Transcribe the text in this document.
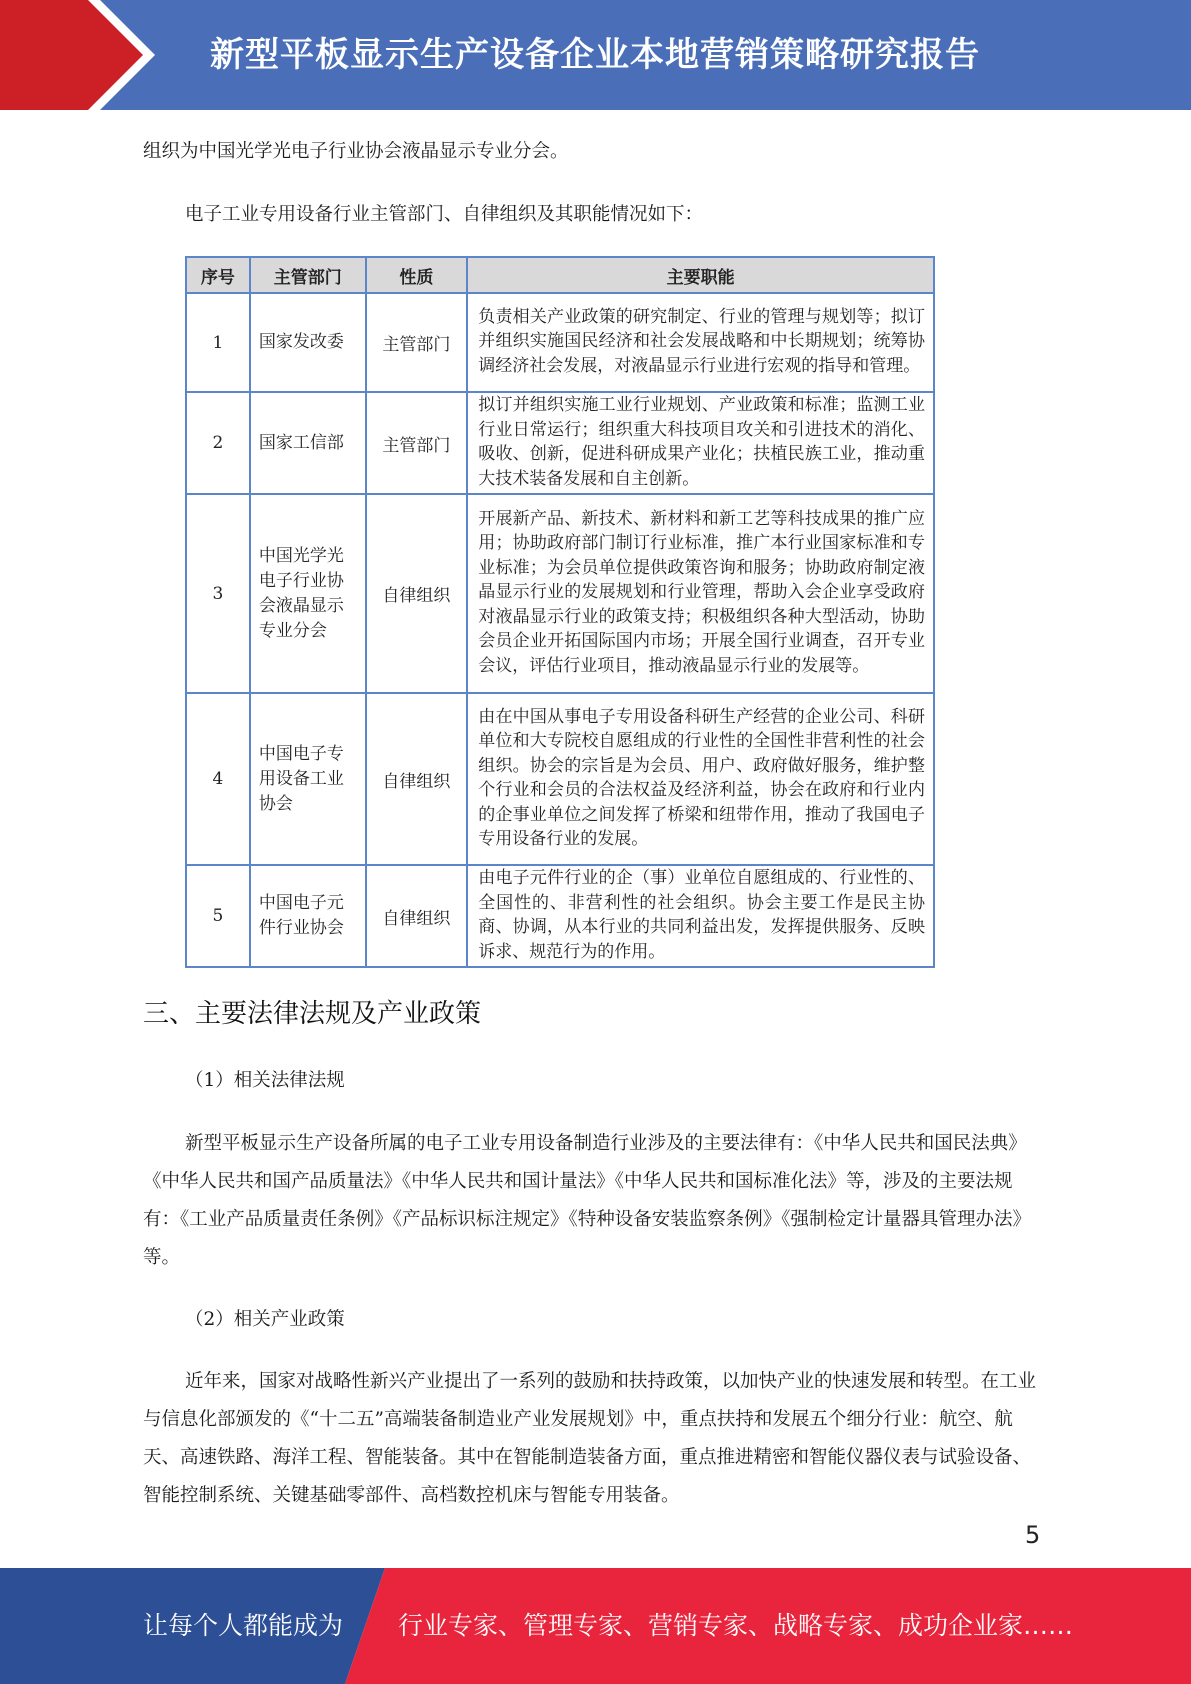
新型平板显示生产设备企业本地营销策略研究报告

组织为中国光学光电子行业协会液晶显示专业分会。

电子工业专用设备行业主管部门、自律组织及其职能情况如下：

序号	主管部门	性质	主要职能
1	国家发改委	主管部门	负责相关产业政策的研究制定、行业的管理与规划等；拟订并组织实施国民经济和社会发展战略和中长期规划；统筹协调经济社会发展，对液晶显示行业进行宏观的指导和管理。
2	国家工信部	主管部门	拟订并组织实施工业行业规划、产业政策和标准；监测工业行业日常运行；组织重大科技项目攻关和引进技术的消化、吸收、创新，促进科研成果产业化；扶植民族工业，推动重大技术装备发展和自主创新。
3	中国光学光电子行业协会液晶显示专业分会	自律组织	开展新产品、新技术、新材料和新工艺等科技成果的推广应用；协助政府部门制订行业标准，推广本行业国家标准和专业标准；为会员单位提供政策咨询和服务；协助政府制定液晶显示行业的发展规划和行业管理，帮助入会企业享受政府对液晶显示行业的政策支持；积极组织各种大型活动，协助会员企业开拓国际国内市场；开展全国行业调查，召开专业会议，评估行业项目，推动液晶显示行业的发展等。
4	中国电子专用设备工业协会	自律组织	由在中国从事电子专用设备科研生产经营的企业公司、科研单位和大专院校自愿组成的行业性的全国性非营利性的社会组织。协会的宗旨是为会员、用户、政府做好服务，维护整个行业和会员的合法权益及经济利益，协会在政府和行业内的企事业单位之间发挥了桥梁和纽带作用，推动了我国电子专用设备行业的发展。
5	中国电子元件行业协会	自律组织	由电子元件行业的企（事）业单位自愿组成的、行业性的、全国性的、非营利性的社会组织。协会主要工作是民主协商、协调，从本行业的共同利益出发，发挥提供服务、反映诉求、规范行为的作用。
三、主要法律法规及产业政策
（1）相关法律法规

新型平板显示生产设备所属的电子工业专用设备制造行业涉及的主要法律有：《中华人民共和国民法典》《中华人民共和国产品质量法》《中华人民共和国计量法》《中华人民共和国标准化法》等，涉及的主要法规有：《工业产品质量责任条例》《产品标识标注规定》《特种设备安装监察条例》《强制检定计量器具管理办法》等。

（2）相关产业政策

近年来，国家对战略性新兴产业提出了一系列的鼓励和扶持政策，以加快产业的快速发展和转型。在工业与信息化部颁发的《“十二五”高端装备制造业产业发展规划》中，重点扶持和发展五个细分行业：航空、航天、高速铁路、海洋工程、智能装备。其中在智能制造装备方面，重点推进精密和智能仪器仪表与试验设备、智能控制系统、关键基础零部件、高档数控机床与智能专用装备。

5
让每个人都能成为 行业专家、管理专家、营销专家、战略专家、成功企业家……
